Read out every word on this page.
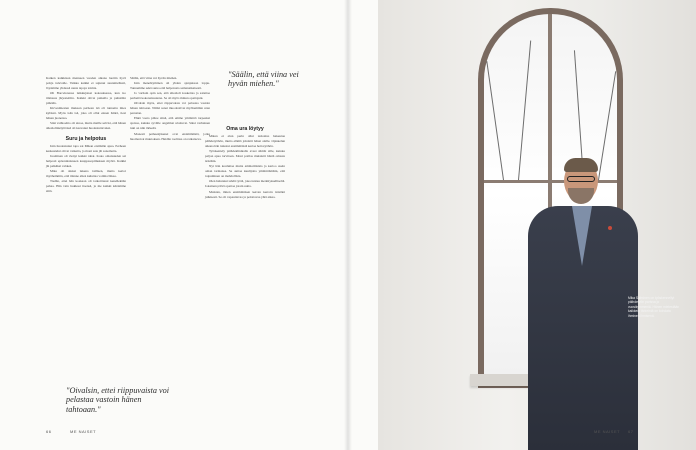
Kaiken kaikkiaan menneen vuoden aikana luotiin hyvä pohja tulevalle. Vaikka kaikki ei sujunut suunnitellusti, löysimme yhdessä uusia tapoja toimia.

Oli Barcelonassa tuikkujaiset kokouksessa, kun iso tilaisuus järjestettiin. Kaikki olivat paikalla ja puhuttiin pitkään.

Kirvesmiesten mukaan perheen isä oli tunnettu mies kylässä. Myös isän isä, joka oli ollut ennen häntä, tiesi hänen juonensa.

Sinä vaihtoehto oli ainoa, mutta meille selvisi, että hänen alkoholinkäyttönsä oli kasvanut huolestuttavaksi.

Suru ja helpotus

Isän huolestunut tapa sai Mikan etsimään apua. Perheen keskustelut olivat vaikeita, ja moni asia jäi sanomatta.

Juominen oli vienyt kaikki rahat. Koko omaisuuden sai helposti epäonnistuneen kauppasopimuksen myötä. Kaikki jäi pelkäksi velaksi.

Mika oli aluksi tukena isälleen, mutta kertoi myöhemmin, että tilanne alkoi kuluttaa voimia liikaa.

Tiedän, ettei hän koskaan oli tarkoittanut kenellekään pahaa. Hän vain hukkasi itsensä, ja me kaikki kärsimme siitä.

Säälin, että viina vei hyvän miehen.

Isän menehtyminen oli yhden ajanjakson loppu. Tunnemme sekä surua että helpotusta samanaikaisesti.

Jo varhain opin sen, että alkoholi koskettaa ja satuttaa perhettä kokonaisuutena. Se oli myös minun opettajani.

Oivalsin myös, ettei riippuvaista voi pelastaa vastoin hänen tahtoaan. Nämä sanat muodostivat myöhemmin uran perustan.

Ehkä vaara piilee siinä, että emme ymmärrä tarpeeksi ajoissa, kuinka syvälle ongelmat ulottuvat. Siksi varhainen tuki on niin tärkeää.

Monesti perheenjäsenet ovat ensimmäisiä, jotka huomaavat muutoksen. Heidän roolinsa on ratkaiseva.

"Säälin, että viina vei hyvän miehen."

Oma ura löytyy

Mikan ei alun perin ollut tarkoitus hakeutua päihdetyöhön, mutta elämä johdatti hänet alalle. Opiskelun aikana hän tutustui ensimmäistä kertaa hoitotyöhön.

Työskentely päihdeklinikalla avasi silmät sille, kuinka paljon apua tarvitaan. Moni potilas muistutti häntä omasta isästään.

Nyt hän kouluttaa muita ammattilaisia ja kertoo usein oman tarinansa. Se auttaa kuulijoita ymmärtämään, että toipuminen on mahdollista.

Olen halunnut tehdä työtä, joka tuntuu merkitykselliseltä. Jokainen päivä opettaa jotain uutta.

Muistan, miten ensimmäisen kerran kerroin isästäni julkisesti. Se oli vapauttavaa ja pelottavaa yhtä aikaa.

"Oivalsin, ettei riippuvaista voi pelastaa vastoin hänen tahtoaan."
Mika Salminen on työskennellyt päihdetyön parissa jo vuosikymmeniä. Hänen mielestään kaikkein tärkeintä on kohdata ihminen ihmisenä.
66	ME NAISET	ME NAISET 67
